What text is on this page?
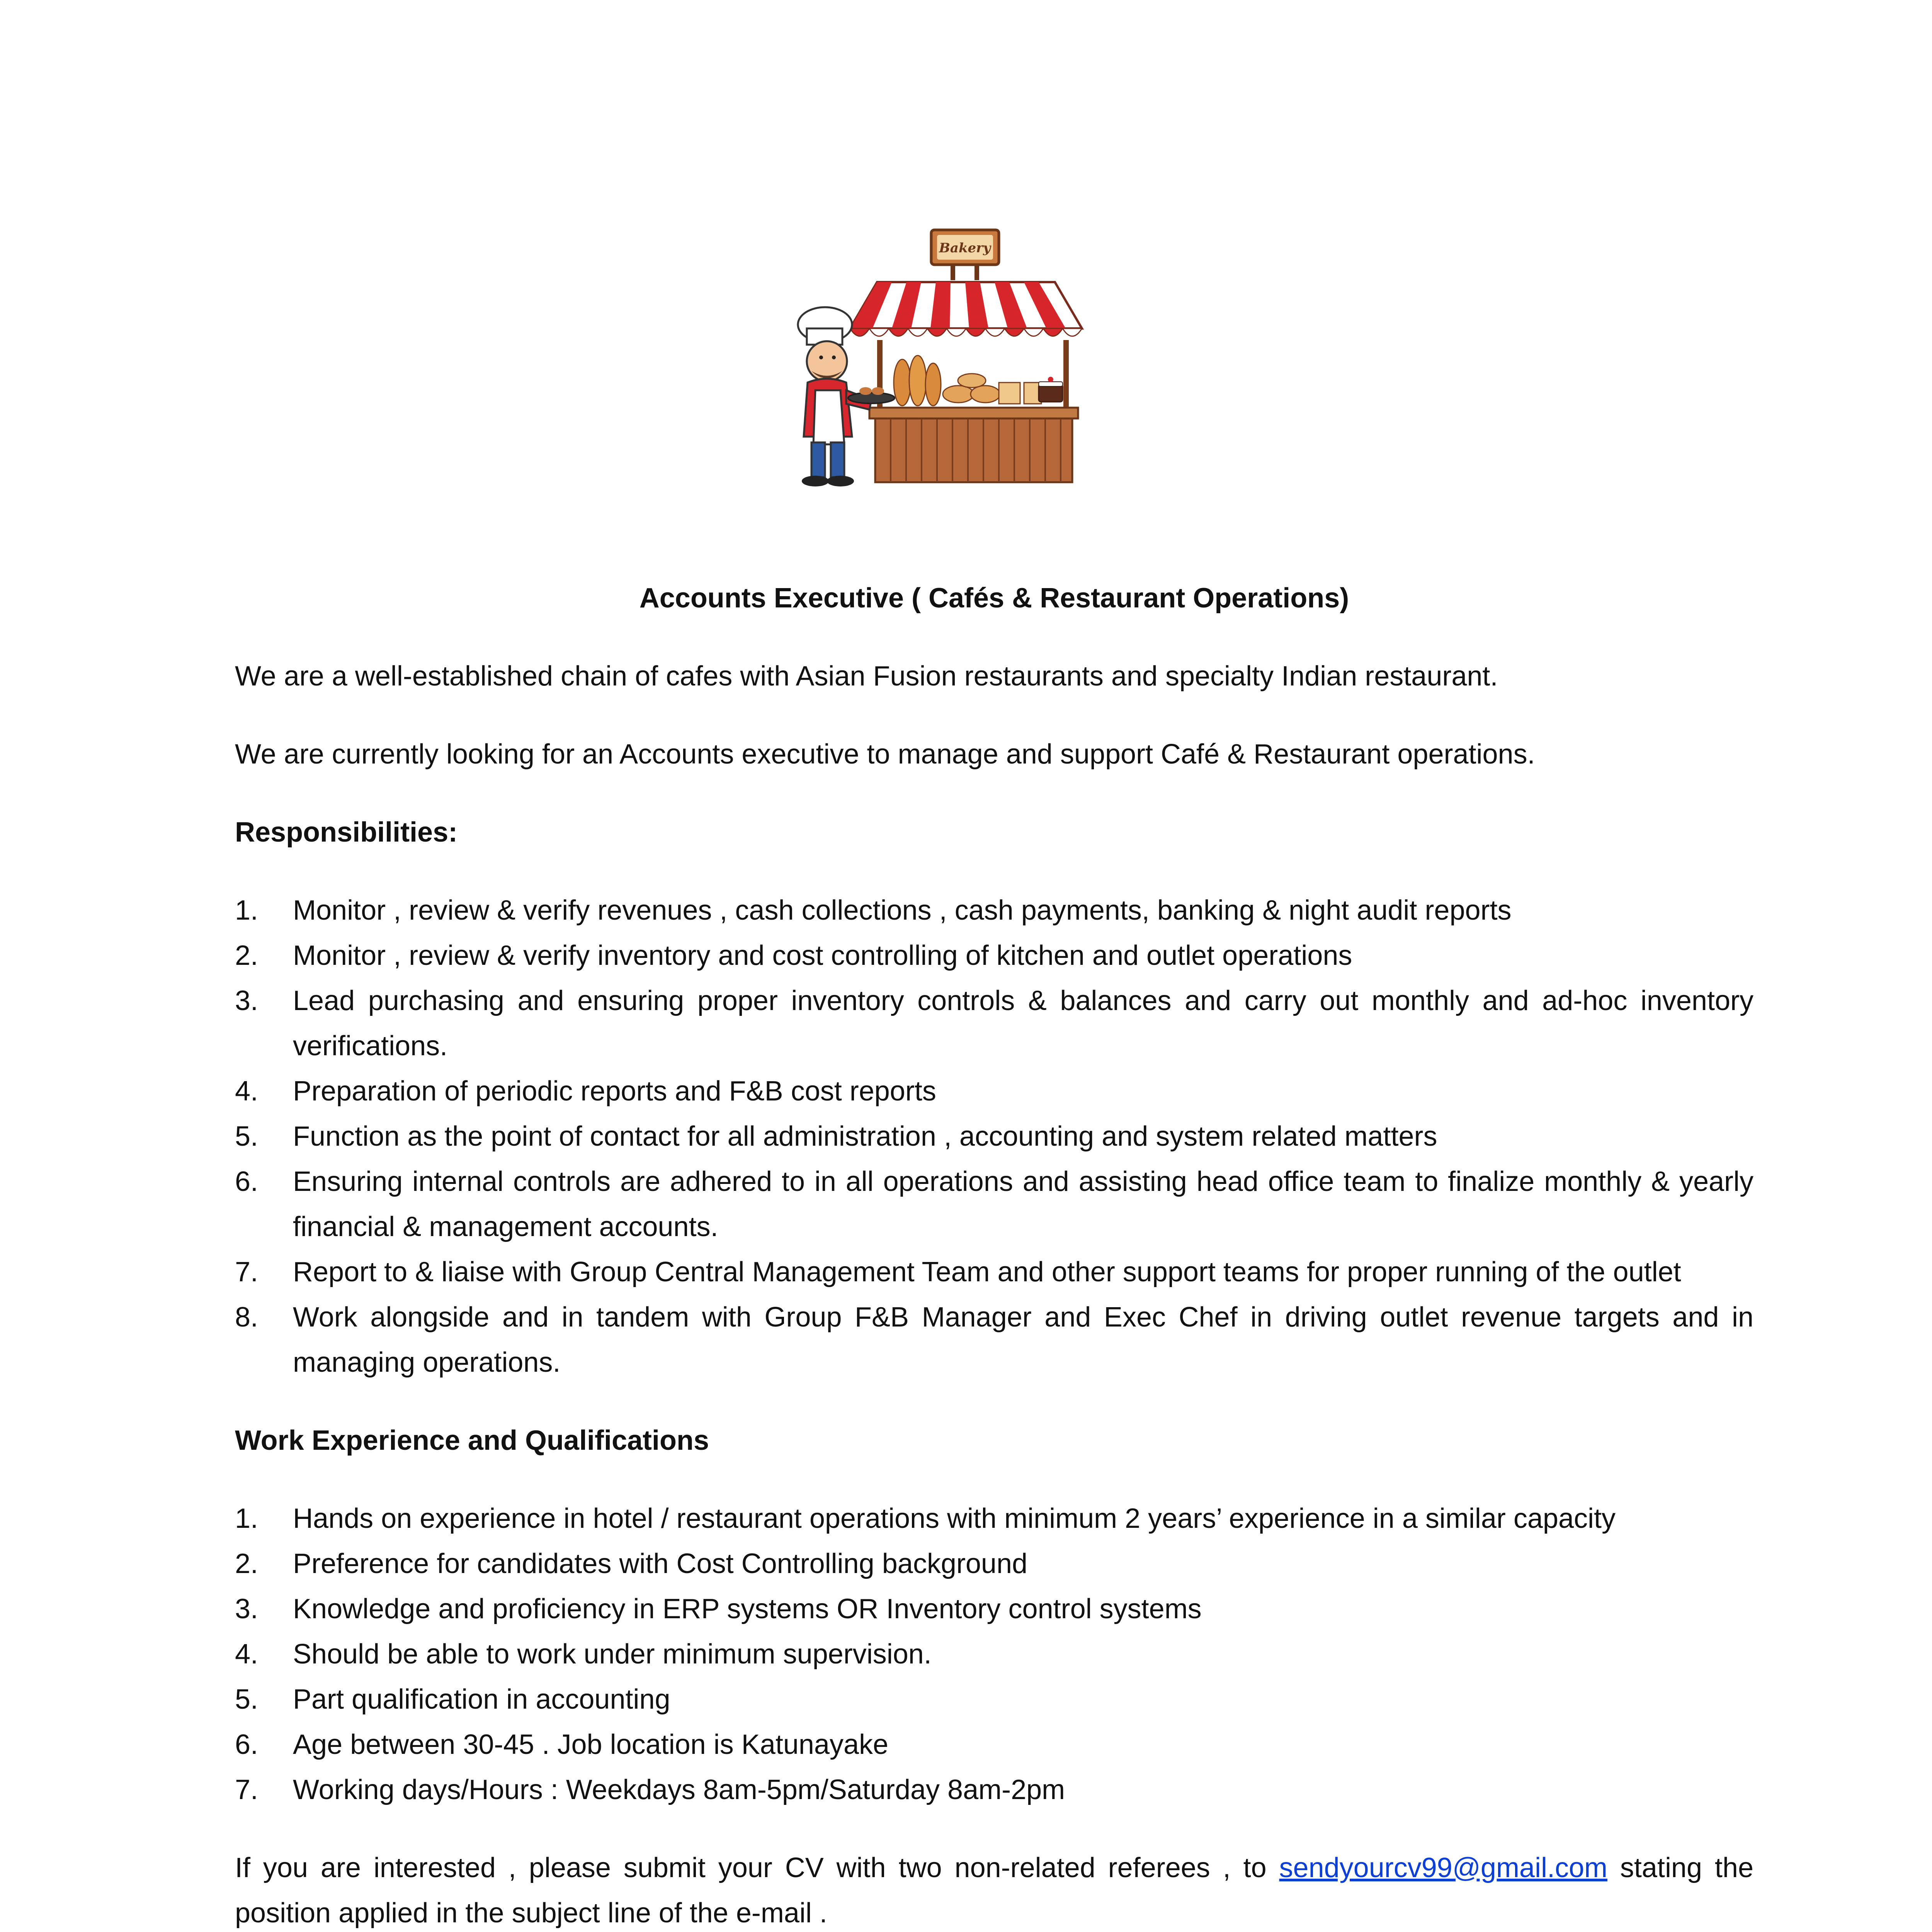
Bakery
Accounts Executive ( Cafés & Restaurant Operations)

We are a well-established chain of cafes with Asian Fusion restaurants and specialty Indian restaurant.

We are currently looking for an Accounts executive to manage and support Café & Restaurant operations.

Responsibilities:
1. Monitor , review & verify revenues , cash collections , cash payments, banking & night audit reports
2. Monitor , review & verify inventory and cost controlling of kitchen and outlet operations
3. Lead purchasing and ensuring proper inventory controls & balances and carry out monthly and ad-hoc inventory verifications.
4. Preparation of periodic reports and F&B cost reports
5. Function as the point of contact for all administration , accounting and system related matters
6. Ensuring internal controls are adhered to in all operations and assisting head office team to finalize monthly & yearly financial & management accounts.
7. Report to & liaise with Group Central Management Team and other support teams for proper running of the outlet
8. Work alongside and in tandem with Group F&B Manager and Exec Chef in driving outlet revenue targets and in managing operations.
Work Experience and Qualifications
1. Hands on experience in hotel / restaurant operations with minimum 2 years’ experience in a similar capacity
2. Preference for candidates with Cost Controlling background
3. Knowledge and proficiency in ERP systems OR Inventory control systems
4. Should be able to work under minimum supervision.
5. Part qualification in accounting
6. Age between 30-45 . Job location is Katunayake
7. Working days/Hours : Weekdays 8am-5pm/Saturday 8am-2pm

If you are interested , please submit your CV with two non-related referees , to sendyourcv99@gmail.com stating the position applied in the subject line of the e-mail .
